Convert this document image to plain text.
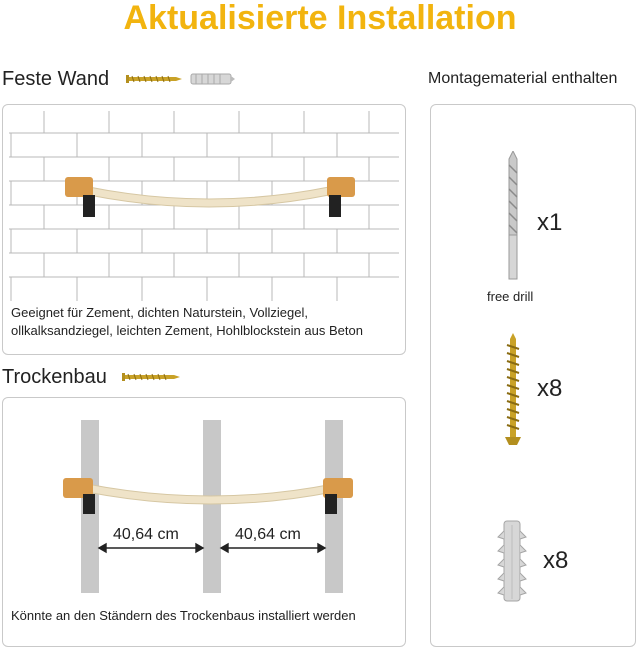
Aktualisierte Installation
Feste Wand
Geeignet für Zement, dichten Naturstein, Vollziegel,
ollkalksandziegel, leichten Zement, Hohlblockstein aus Beton
Trockenbau
40,64 cm	40,64 cm
Könnte an den Ständern des Trockenbaus installiert werden
Montagematerial enthalten
x1
free drill
x8
x8
